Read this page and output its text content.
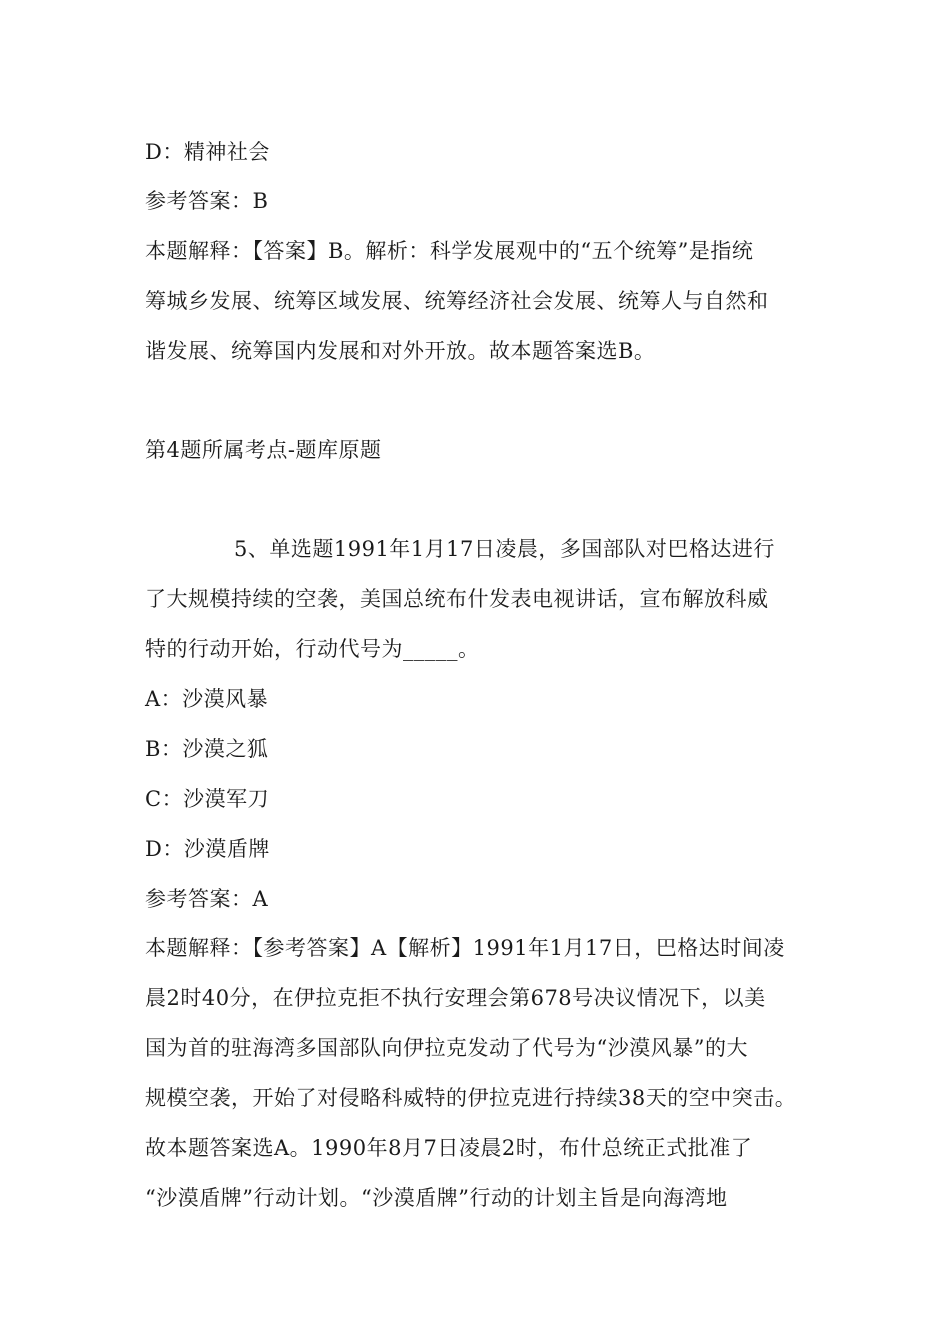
D：精神社会
参考答案：B
本题解释：【答案】B。解析：科学发展观中的“五个统筹”是指统
筹城乡发展、统筹区域发展、统筹经济社会发展、统筹人与自然和
谐发展、统筹国内发展和对外开放。故本题答案选B。
第4题所属考点-题库原题
5、单选题1991年1月17日凌晨，多国部队对巴格达进行
了大规模持续的空袭，美国总统布什发表电视讲话，宣布解放科威
特的行动开始，行动代号为_____。
A：沙漠风暴
B：沙漠之狐
C：沙漠军刀
D：沙漠盾牌
参考答案：A
本题解释：【参考答案】A【解析】1991年1月17日，巴格达时间凌
晨2时40分，在伊拉克拒不执行安理会第678号决议情况下，以美
国为首的驻海湾多国部队向伊拉克发动了代号为“沙漠风暴”的大
规模空袭，开始了对侵略科威特的伊拉克进行持续38天的空中突击。
故本题答案选A。1990年8月7日凌晨2时，布什总统正式批准了
“沙漠盾牌”行动计划。“沙漠盾牌”行动的计划主旨是向海湾地
